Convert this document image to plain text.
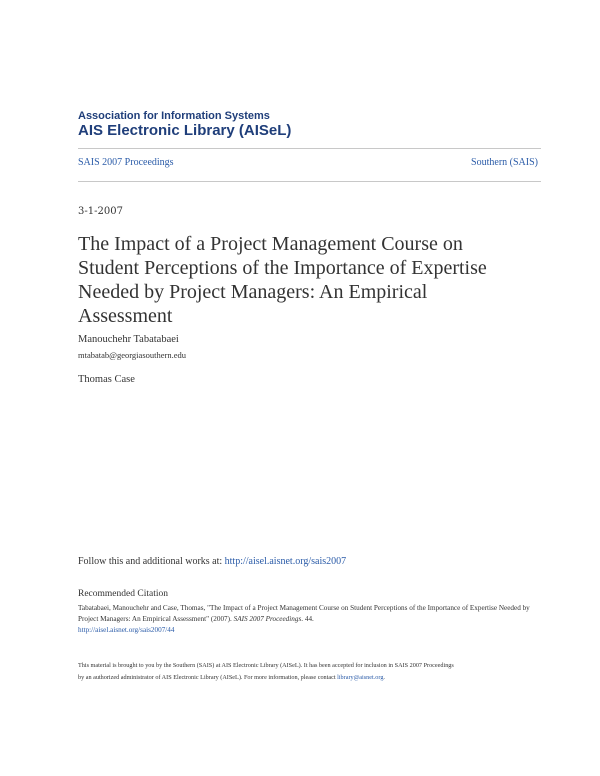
Association for Information Systems
AIS Electronic Library (AISeL)
SAIS 2007 Proceedings	Southern (SAIS)
3-1-2007
The Impact of a Project Management Course on
Student Perceptions of the Importance of Expertise
Needed by Project Managers: An Empirical
Assessment
Manouchehr Tabatabaei
mtabatab@georgiasouthern.edu
Thomas Case
Follow this and additional works at: http://aisel.aisnet.org/sais2007
Recommended Citation
Tabatabaei, Manouchehr and Case, Thomas, "The Impact of a Project Management Course on Student Perceptions of the Importance of Expertise Needed by Project Managers: An Empirical Assessment" (2007). SAIS 2007 Proceedings. 44.
http://aisel.aisnet.org/sais2007/44
This material is brought to you by the Southern (SAIS) at AIS Electronic Library (AISeL). It has been accepted for inclusion in SAIS 2007 Proceedings
by an authorized administrator of AIS Electronic Library (AISeL). For more information, please contact library@aisnet.org.
